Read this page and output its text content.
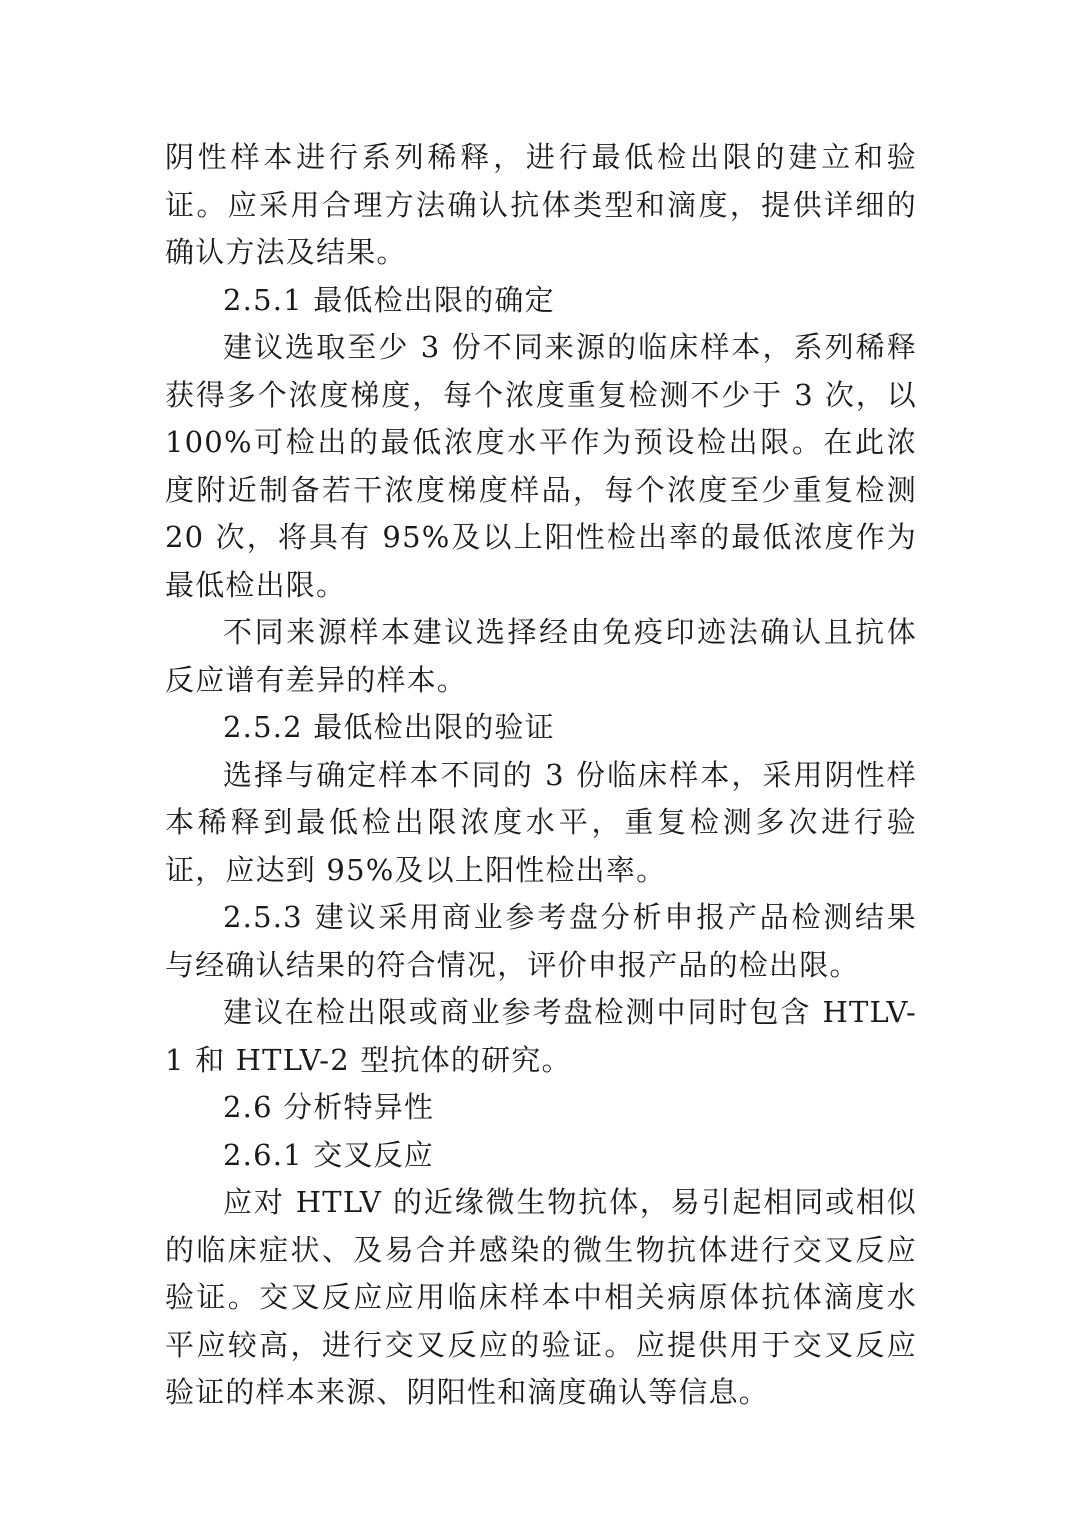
阴性样本进行系列稀释，进行最低检出限的建立和验证。应采用合理方法确认抗体类型和滴度，提供详细的确认方法及结果。

2.5.1 最低检出限的确定

建议选取至少 3 份不同来源的临床样本，系列稀释获得多个浓度梯度，每个浓度重复检测不少于 3 次，以 100%可检出的最低浓度水平作为预设检出限。在此浓度附近制备若干浓度梯度样品，每个浓度至少重复检测 20 次，将具有 95%及以上阳性检出率的最低浓度作为最低检出限。

不同来源样本建议选择经由免疫印迹法确认且抗体反应谱有差异的样本。

2.5.2 最低检出限的验证

选择与确定样本不同的 3 份临床样本，采用阴性样本稀释到最低检出限浓度水平，重复检测多次进行验证，应达到 95%及以上阳性检出率。

2.5.3 建议采用商业参考盘分析申报产品检测结果与经确认结果的符合情况，评价申报产品的检出限。

建议在检出限或商业参考盘检测中同时包含 HTLV-1 和 HTLV-2 型抗体的研究。

2.6 分析特异性

2.6.1 交叉反应

应对 HTLV 的近缘微生物抗体，易引起相同或相似的临床症状、及易合并感染的微生物抗体进行交叉反应验证。交叉反应应用临床样本中相关病原体抗体滴度水平应较高，进行交叉反应的验证。应提供用于交叉反应验证的样本来源、阴阳性和滴度确认等信息。
